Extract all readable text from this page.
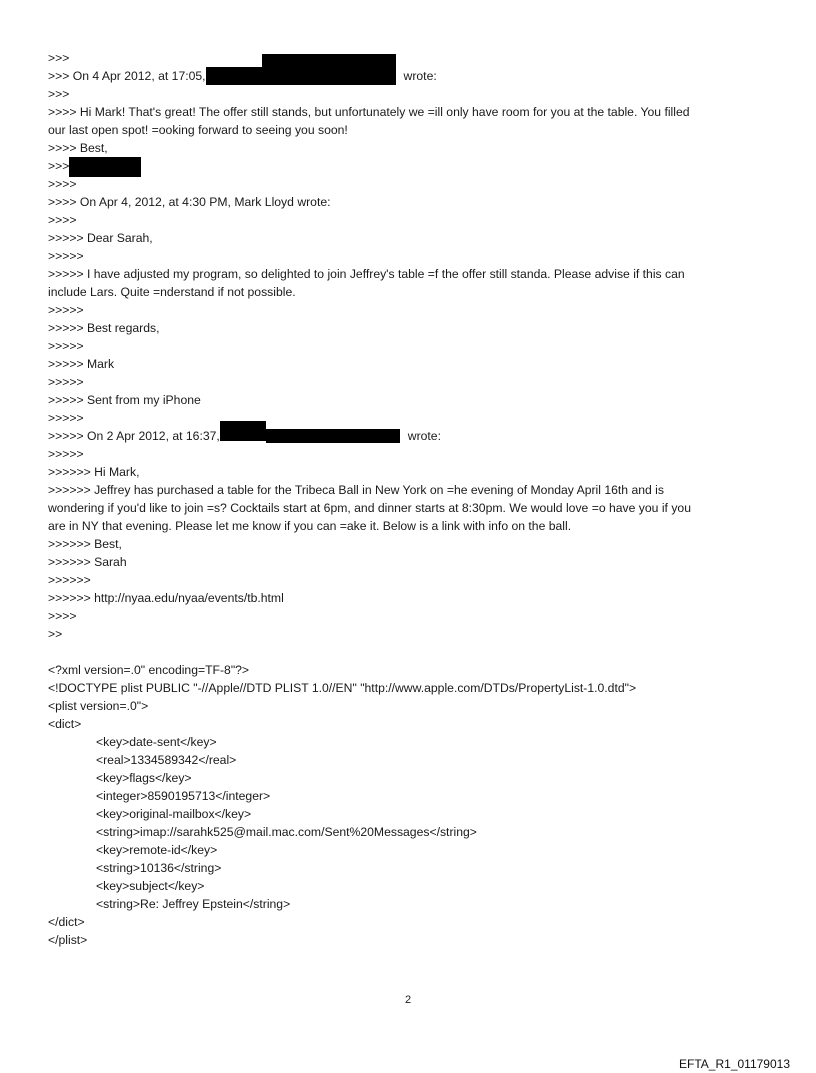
>>>
>>> On 4 Apr 2012, at 17:05,	wrote:
>>>
>>>> Hi Mark! That's great! The offer still stands, but unfortunately we =ill only have room for you at the table. You filled
our last open spot! =ooking forward to seeing you soon!
>>>> Best,
>>>
>>>>
>>>> On Apr 4, 2012, at 4:30 PM, Mark Lloyd wrote:
>>>>
>>>>> Dear Sarah,
>>>>>
>>>>> I have adjusted my program, so delighted to join Jeffrey's table =f the offer still standa. Please advise if this can
include Lars. Quite =nderstand if not possible.
>>>>>
>>>>> Best regards,
>>>>>
>>>>> Mark
>>>>>
>>>>> Sent from my iPhone
>>>>>
>>>>> On 2 Apr 2012, at 16:37,	wrote:
>>>>>
>>>>>> Hi Mark,
>>>>>> Jeffrey has purchased a table for the Tribeca Ball in New York on =he evening of Monday April 16th and is
wondering if you'd like to join =s? Cocktails start at 6pm, and dinner starts at 8:30pm. We would love =o have you if you
are in NY that evening. Please let me know if you can =ake it. Below is a link with info on the ball.
>>>>>> Best,
>>>>>> Sarah
>>>>>>
>>>>>> http://nyaa.edu/nyaa/events/tb.html
>>>>
>>
<?xml version=.0" encoding=TF-8"?>
<!DOCTYPE plist PUBLIC "-//Apple//DTD PLIST 1.0//EN" "http://www.apple.com/DTDs/PropertyList-1.0.dtd">
<plist version=.0">
<dict>
<key>date-sent</key>
<real>1334589342</real>
<key>flags</key>
<integer>8590195713</integer>
<key>original-mailbox</key>
<string>imap://sarahk525@mail.mac.com/Sent%20Messages</string>
<key>remote-id</key>
<string>10136</string>
<key>subject</key>
<string>Re: Jeffrey Epstein</string>
</dict>
</plist>
2
EFTA_R1_01179013
